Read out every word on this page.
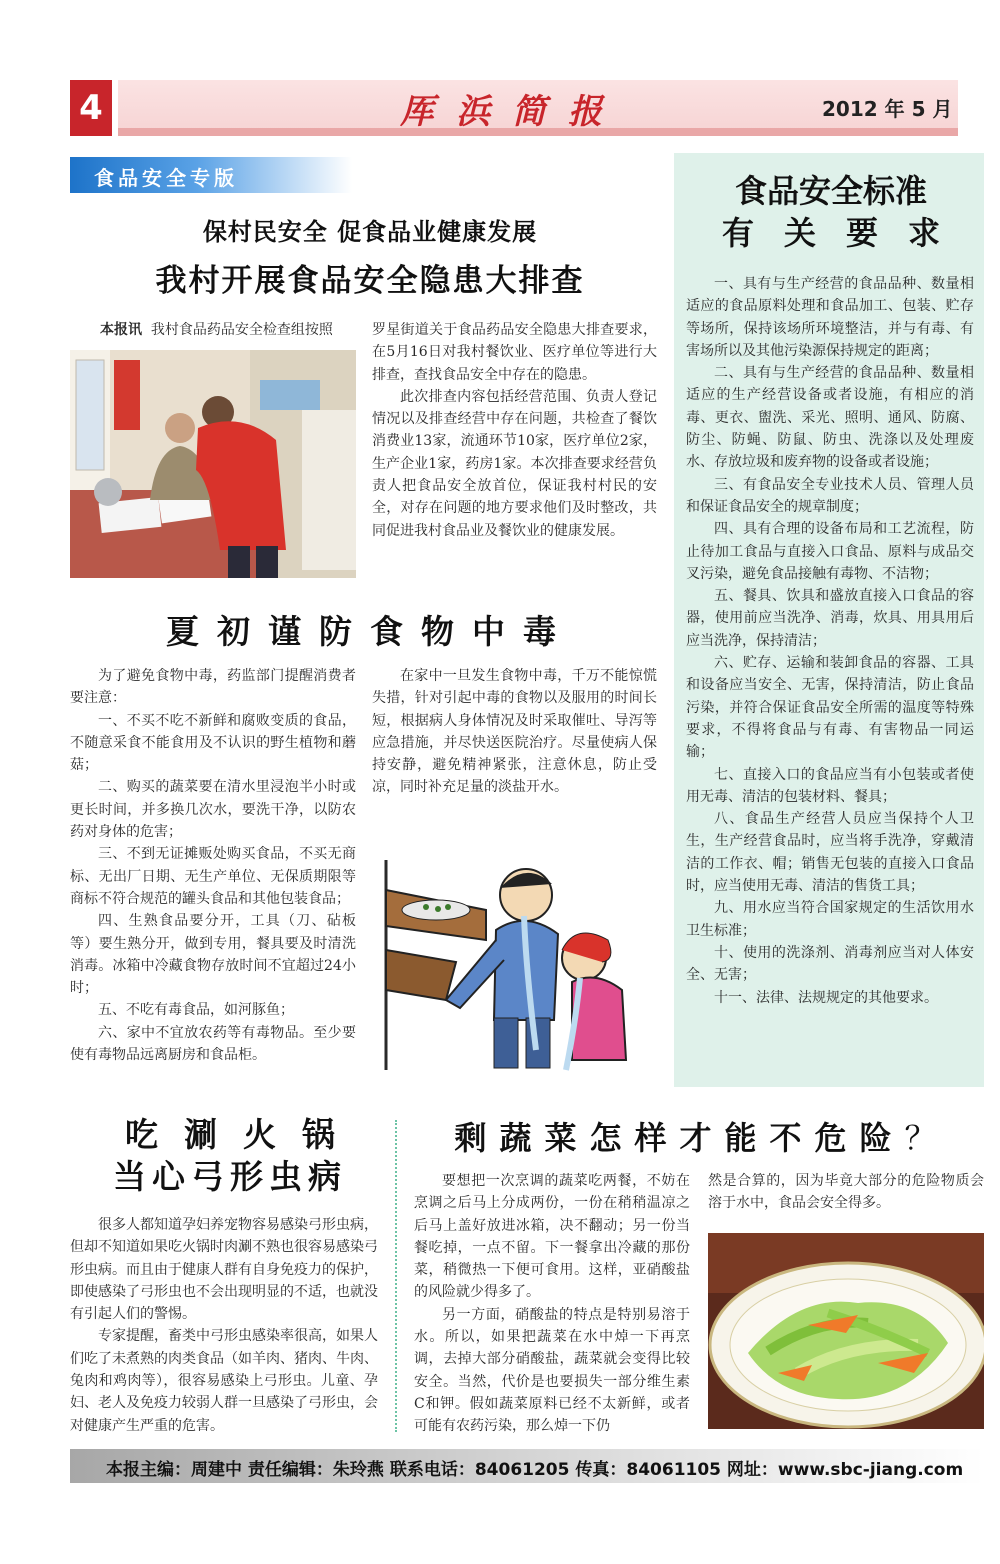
4	厍浜简报	2012 年 5 月
食品安全专版
保村民安全 促食品业健康发展
我村开展食品安全隐患大排查

本报讯 我村食品药品安全检查组按照	罗星街道关于食品药品安全隐患大排查要求，在5月16日对我村餐饮业、医疗单位等进行大排查，查找食品安全中存在的隐患。

此次排查内容包括经营范围、负责人登记情况以及排查经营中存在问题，共检查了餐饮消费业13家，流通环节10家，医疗单位2家，生产企业1家，药房1家。本次排查要求经营负责人把食品安全放首位，保证我村村民的安全，对存在问题的地方要求他们及时整改，共同促进我村食品业及餐饮业的健康发展。

夏初谨防食物中毒

为了避免食物中毒，药监部门提醒消费者要注意：

一、不买不吃不新鲜和腐败变质的食品，不随意采食不能食用及不认识的野生植物和蘑菇；

二、购买的蔬菜要在清水里浸泡半小时或更长时间，并多换几次水，要洗干净，以防农药对身体的危害；

三、不到无证摊贩处购买食品，不买无商标、无出厂日期、无生产单位、无保质期限等商标不符合规范的罐头食品和其他包装食品；

四、生熟食品要分开，工具（刀、砧板等）要生熟分开，做到专用，餐具要及时清洗消毒。冰箱中冷藏食物存放时间不宜超过24小时；

五、不吃有毒食品，如河豚鱼；

六、家中不宜放农药等有毒物品。至少要使有毒物品远离厨房和食品柜。

在家中一旦发生食物中毒，千万不能惊慌失措，针对引起中毒的食物以及服用的时间长短，根据病人身体情况及时采取催吐、导泻等应急措施，并尽快送医院治疗。尽量使病人保持安静，避免精神紧张，注意休息，防止受凉，同时补充足量的淡盐开水。

食品安全标准
有关要求

一、具有与生产经营的食品品种、数量相适应的食品原料处理和食品加工、包装、贮存等场所，保持该场所环境整洁，并与有毒、有害场所以及其他污染源保持规定的距离；

二、具有与生产经营的食品品种、数量相适应的生产经营设备或者设施，有相应的消毒、更衣、盥洗、采光、照明、通风、防腐、防尘、防蝇、防鼠、防虫、洗涤以及处理废水、存放垃圾和废弃物的设备或者设施；

三、有食品安全专业技术人员、管理人员和保证食品安全的规章制度；

四、具有合理的设备布局和工艺流程，防止待加工食品与直接入口食品、原料与成品交叉污染，避免食品接触有毒物、不洁物；

五、餐具、饮具和盛放直接入口食品的容器，使用前应当洗净、消毒，炊具、用具用后应当洗净，保持清洁；

六、贮存、运输和装卸食品的容器、工具和设备应当安全、无害，保持清洁，防止食品污染，并符合保证食品安全所需的温度等特殊要求，不得将食品与有毒、有害物品一同运输；

七、直接入口的食品应当有小包装或者使用无毒、清洁的包装材料、餐具；

八、食品生产经营人员应当保持个人卫生，生产经营食品时，应当将手洗净，穿戴清洁的工作衣、帽；销售无包装的直接入口食品时，应当使用无毒、清洁的售货工具；

九、用水应当符合国家规定的生活饮用水卫生标准；

十、使用的洗涤剂、消毒剂应当对人体安全、无害；

十一、法律、法规规定的其他要求。

吃涮火锅
当心弓形虫病

很多人都知道孕妇养宠物容易感染弓形虫病，但却不知道如果吃火锅时肉涮不熟也很容易感染弓形虫病。而且由于健康人群有自身免疫力的保护，即使感染了弓形虫也不会出现明显的不适，也就没有引起人们的警惕。

专家提醒，畜类中弓形虫感染率很高，如果人们吃了未煮熟的肉类食品（如羊肉、猪肉、牛肉、兔肉和鸡肉等），很容易感染上弓形虫。儿童、孕妇、老人及免疫力较弱人群一旦感染了弓形虫，会对健康产生严重的危害。

剩蔬菜怎样才能不危险？

要想把一次烹调的蔬菜吃两餐，不妨在烹调之后马上分成两份，一份在稍稍温凉之后马上盖好放进冰箱，决不翻动；另一份当餐吃掉，一点不留。下一餐拿出冷藏的那份菜，稍微热一下便可食用。这样，亚硝酸盐的风险就少得多了。

另一方面，硝酸盐的特点是特别易溶于水。所以，如果把蔬菜在水中焯一下再烹调，去掉大部分硝酸盐，蔬菜就会变得比较安全。当然，代价是也要损失一部分维生素C和钾。假如蔬菜原料已经不太新鲜，或者可能有农药污染，那么焯一下仍

然是合算的，因为毕竟大部分的危险物质会溶于水中，食品会安全得多。

本报主编：周建中 责任编辑：朱玲燕 联系电话：84061205 传真：84061105 网址：www.sbc-jiang.com
